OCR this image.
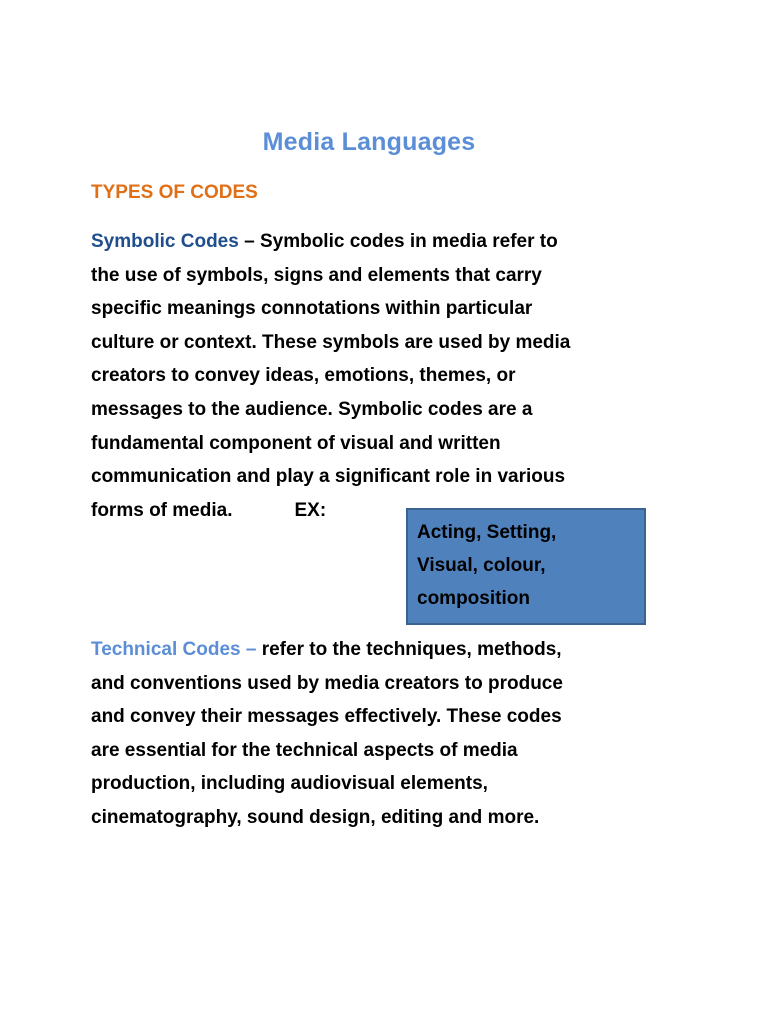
Media Languages
TYPES OF CODES

Symbolic Codes – Symbolic codes in media refer to
the use of symbols, signs and elements that carry
specific meanings connotations within particular
culture or context. These symbols are used by media
creators to convey ideas, emotions, themes, or
messages to the audience. Symbolic codes are a
fundamental component of visual and written
communication and play a significant role in various
forms of media.	EX:

Acting, Setting,
Visual, colour,
composition

Technical Codes – refer to the techniques, methods,
and conventions used by media creators to produce
and convey their messages effectively. These codes
are essential for the technical aspects of media
production, including audiovisual elements,
cinematography, sound design, editing and more.
